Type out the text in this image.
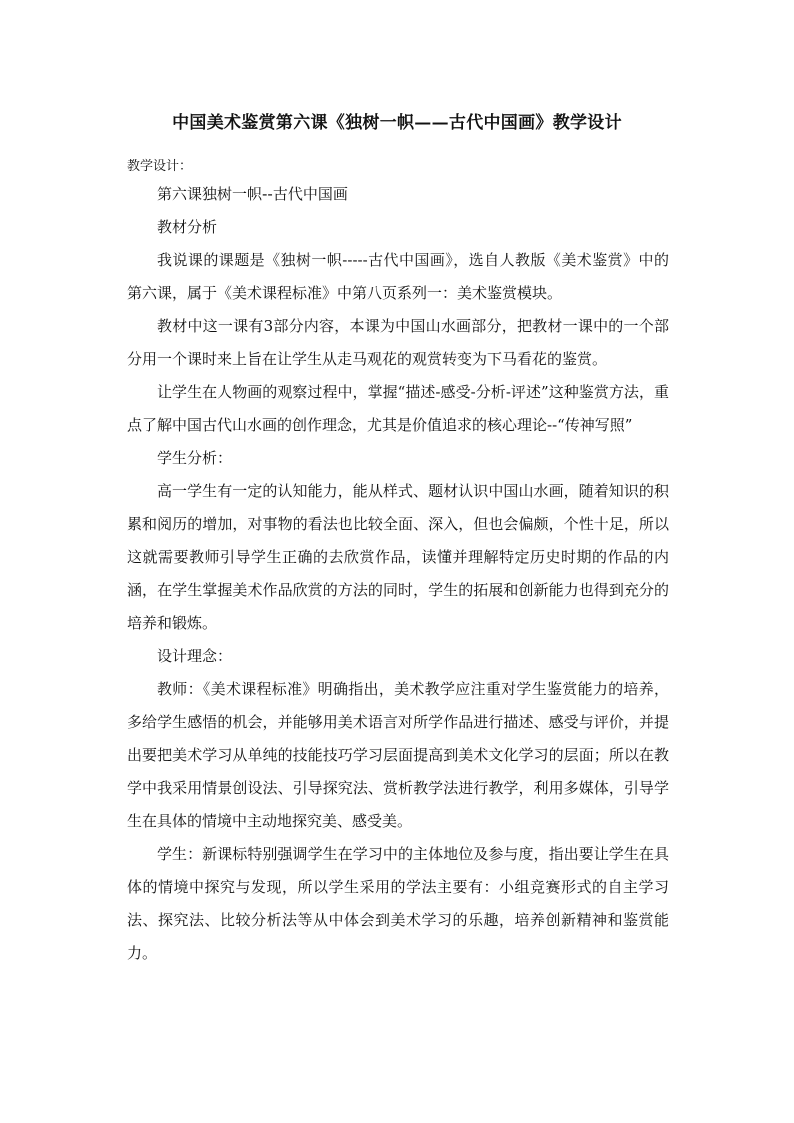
中国美术鉴赏第六课《独树一帜——古代中国画》教学设计
教学设计：

第六课独树一帜--古代中国画

教材分析

我说课的课题是《独树一帜-----古代中国画》，选自人教版《美术鉴赏》中的第六课，属于《美术课程标准》中第八页系列一：美术鉴赏模块。

教材中这一课有3部分内容，本课为中国山水画部分，把教材一课中的一个部分用一个课时来上旨在让学生从走马观花的观赏转变为下马看花的鉴赏。

让学生在人物画的观察过程中，掌握“描述-感受-分析-评述”这种鉴赏方法，重点了解中国古代山水画的创作理念，尤其是价值追求的核心理论--“传神写照”

学生分析：

高一学生有一定的认知能力，能从样式、题材认识中国山水画，随着知识的积累和阅历的增加，对事物的看法也比较全面、深入，但也会偏颇，个性十足，所以这就需要教师引导学生正确的去欣赏作品，读懂并理解特定历史时期的作品的内涵，在学生掌握美术作品欣赏的方法的同时，学生的拓展和创新能力也得到充分的培养和锻炼。

设计理念：

教师：《美术课程标准》明确指出，美术教学应注重对学生鉴赏能力的培养，多给学生感悟的机会，并能够用美术语言对所学作品进行描述、感受与评价，并提出要把美术学习从单纯的技能技巧学习层面提高到美术文化学习的层面；所以在教学中我采用情景创设法、引导探究法、赏析教学法进行教学，利用多媒体，引导学生在具体的情境中主动地探究美、感受美。

学生：新课标特别强调学生在学习中的主体地位及参与度，指出要让学生在具体的情境中探究与发现，所以学生采用的学法主要有：小组竞赛形式的自主学习法、探究法、比较分析法等从中体会到美术学习的乐趣，培养创新精神和鉴赏能力。
